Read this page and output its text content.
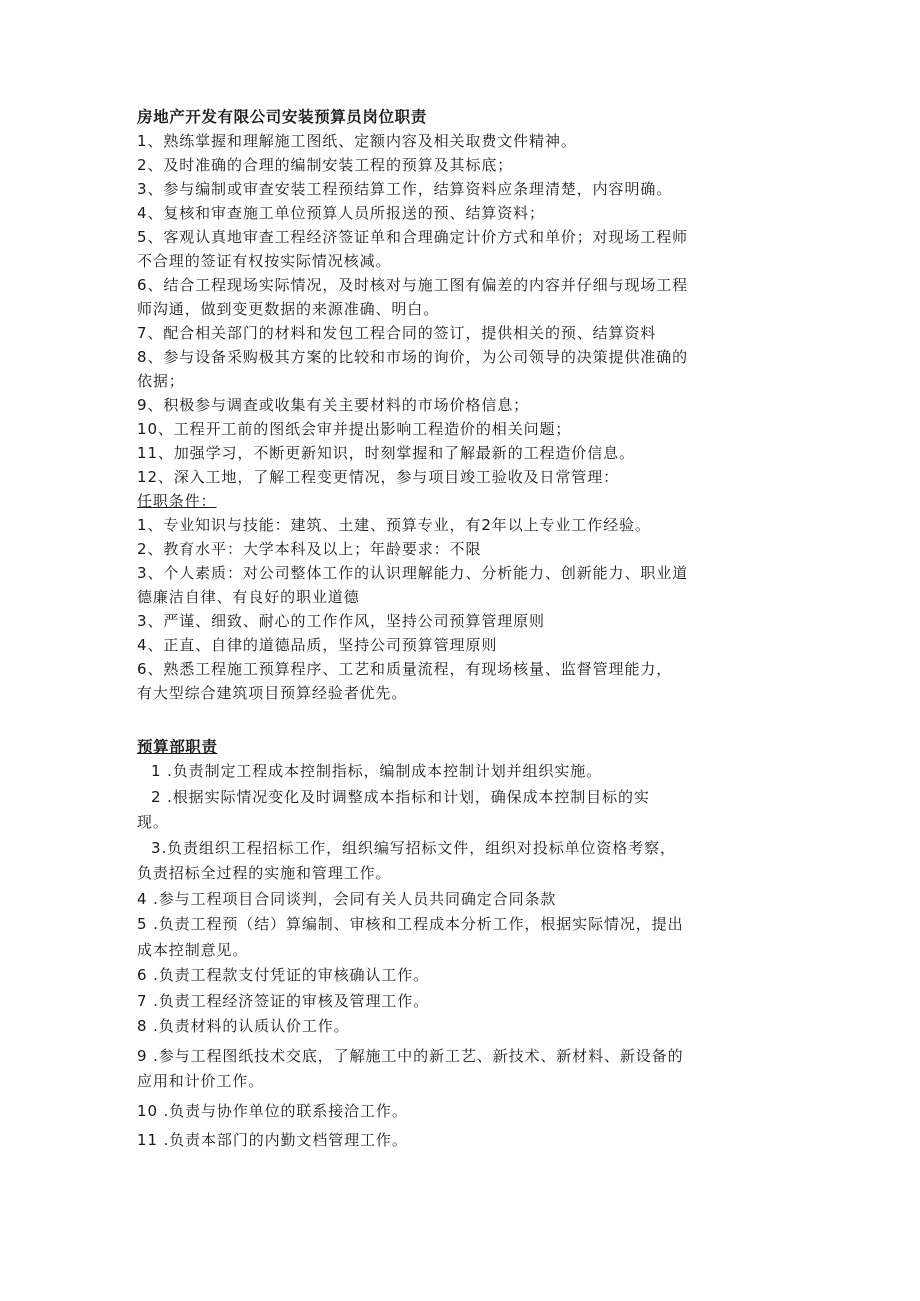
房地产开发有限公司安装预算员岗位职责
1、熟练掌握和理解施工图纸、定额内容及相关取费文件精神。
2、及时准确的合理的编制安装工程的预算及其标底；
3、参与编制或审查安装工程预结算工作，结算资料应条理清楚，内容明确。
4、复核和审查施工单位预算人员所报送的预、结算资料；
5、客观认真地审查工程经济签证单和合理确定计价方式和单价；对现场工程师
不合理的签证有权按实际情况核减。
6、结合工程现场实际情况，及时核对与施工图有偏差的内容并仔细与现场工程
师沟通，做到变更数据的来源准确、明白。
7、配合相关部门的材料和发包工程合同的签订，提供相关的预、结算资料
8、参与设备采购极其方案的比较和市场的询价，为公司领导的决策提供准确的
依据；
9、积极参与调查或收集有关主要材料的市场价格信息；
10、工程开工前的图纸会审并提出影响工程造价的相关问题；
11、加强学习，不断更新知识，时刻掌握和了解最新的工程造价信息。
12、深入工地，了解工程变更情况，参与项目竣工验收及日常管理：
任职条件：
1、专业知识与技能：建筑、土建、预算专业，有2年以上专业工作经验。
2、教育水平：大学本科及以上；年龄要求：不限
3、个人素质：对公司整体工作的认识理解能力、分析能力、创新能力、职业道
德廉洁自律、有良好的职业道德
3、严谨、细致、耐心的工作作风，坚持公司预算管理原则
4、正直、自律的道德品质，坚持公司预算管理原则
6、熟悉工程施工预算程序、工艺和质量流程，有现场核量、监督管理能力，
有大型综合建筑项目预算经验者优先。
预算部职责
1 .负责制定工程成本控制指标，编制成本控制计划并组织实施。
2 .根据实际情况变化及时调整成本指标和计划，确保成本控制目标的实
现。
3.负责组织工程招标工作，组织编写招标文件，组织对投标单位资格考察，
负责招标全过程的实施和管理工作。
4 .参与工程项目合同谈判，会同有关人员共同确定合同条款
5 .负责工程预（结）算编制、审核和工程成本分析工作，根据实际情况，提出
成本控制意见。
6 .负责工程款支付凭证的审核确认工作。
7 .负责工程经济签证的审核及管理工作。
8 .负责材料的认质认价工作。
9 .参与工程图纸技术交底，了解施工中的新工艺、新技术、新材料、新设备的
应用和计价工作。
10 .负责与协作单位的联系接洽工作。
11 .负责本部门的内勤文档管理工作。
